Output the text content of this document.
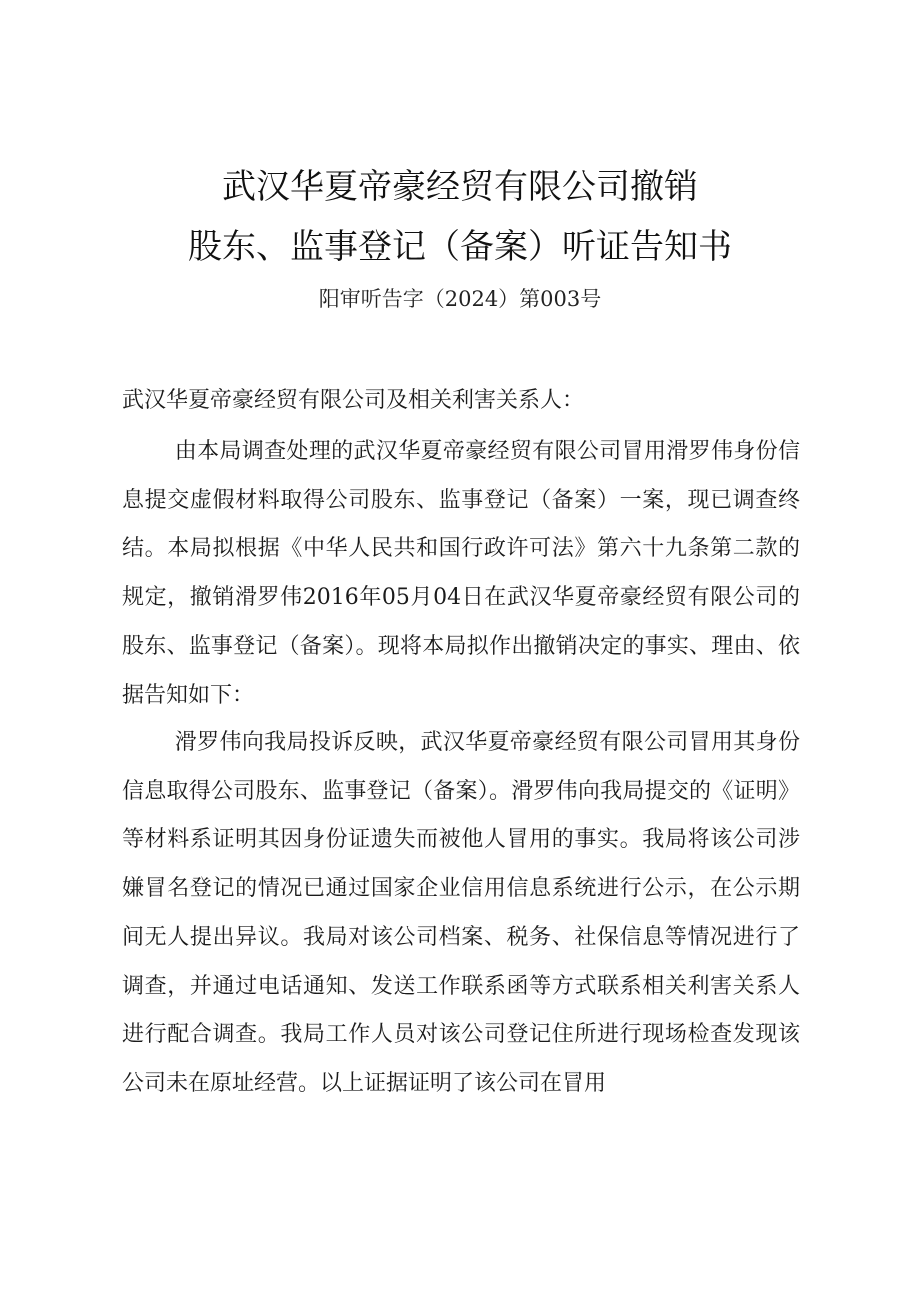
武汉华夏帝豪经贸有限公司撤销
股东、监事登记（备案）听证告知书
阳审听告字（2024）第003号
武汉华夏帝豪经贸有限公司及相关利害关系人：

由本局调查处理的武汉华夏帝豪经贸有限公司冒用滑罗伟身份信息提交虚假材料取得公司股东、监事登记（备案）一案，现已调查终结。本局拟根据《中华人民共和国行政许可法》第六十九条第二款的规定，撤销滑罗伟2016年05月04日在武汉华夏帝豪经贸有限公司的股东、监事登记（备案）。现将本局拟作出撤销决定的事实、理由、依据告知如下：

滑罗伟向我局投诉反映，武汉华夏帝豪经贸有限公司冒用其身份信息取得公司股东、监事登记（备案）。滑罗伟向我局提交的《证明》等材料系证明其因身份证遗失而被他人冒用的事实。我局将该公司涉嫌冒名登记的情况已通过国家企业信用信息系统进行公示，在公示期间无人提出异议。我局对该公司档案、税务、社保信息等情况进行了调查，并通过电话通知、发送工作联系函等方式联系相关利害关系人进行配合调查。我局工作人员对该公司登记住所进行现场检查发现该公司未在原址经营。以上证据证明了该公司在冒用
